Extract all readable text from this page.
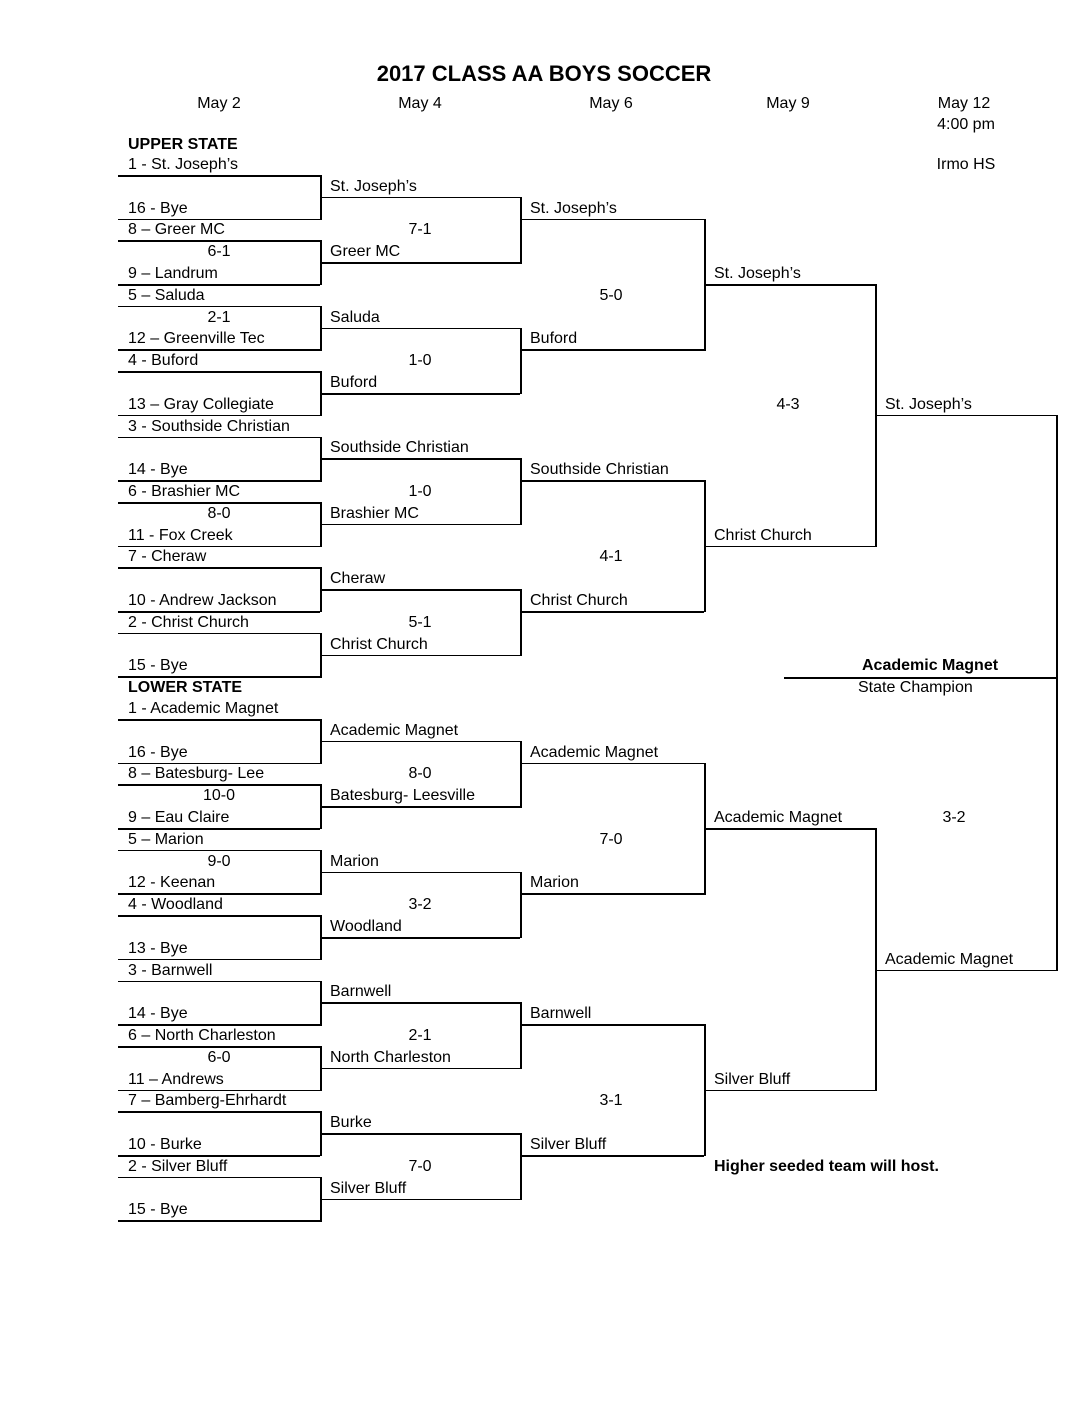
2017 CLASS AA BOYS SOCCER
May 2	May 4	May 6	May 9	May 12
4:00 pm
Irmo HS
UPPER STATE
LOWER STATE
Academic Magnet
State Champion
Higher seeded team will host.
1 - St. Joseph’s
16 - Bye
8 – Greer MC
9 – Landrum
6-1
5 – Saluda
12 – Greenville Tec
2-1
4 - Buford
13 – Gray Collegiate
3 - Southside Christian
14 - Bye
6 - Brashier MC
11 - Fox Creek
8-0
7 - Cheraw
10 - Andrew Jackson
2 - Christ Church
15 - Bye
St. Joseph’s
Greer MC
7-1
Saluda
Buford
1-0
Southside Christian
Brashier MC
1-0
Cheraw
Christ Church
5-1
St. Joseph’s
Buford
5-0
Southside Christian
Christ Church
4-1
St. Joseph’s
Christ Church
1 - Academic Magnet
16 - Bye
8 – Batesburg- Lee
9 – Eau Claire
10-0
5 – Marion
12 - Keenan
9-0
4 - Woodland
13 - Bye
3 - Barnwell
14 - Bye
6 – North Charleston
11 – Andrews
6-0
7 – Bamberg-Ehrhardt
10 - Burke
2 - Silver Bluff
15 - Bye
Academic Magnet
Batesburg- Leesville
8-0
Marion
Woodland
3-2
Barnwell
North Charleston
2-1
Burke
Silver Bluff
7-0
Academic Magnet
Marion
7-0
Barnwell
Silver Bluff
3-1
Academic Magnet
Silver Bluff
4-3
3-2
St. Joseph’s
Academic Magnet
